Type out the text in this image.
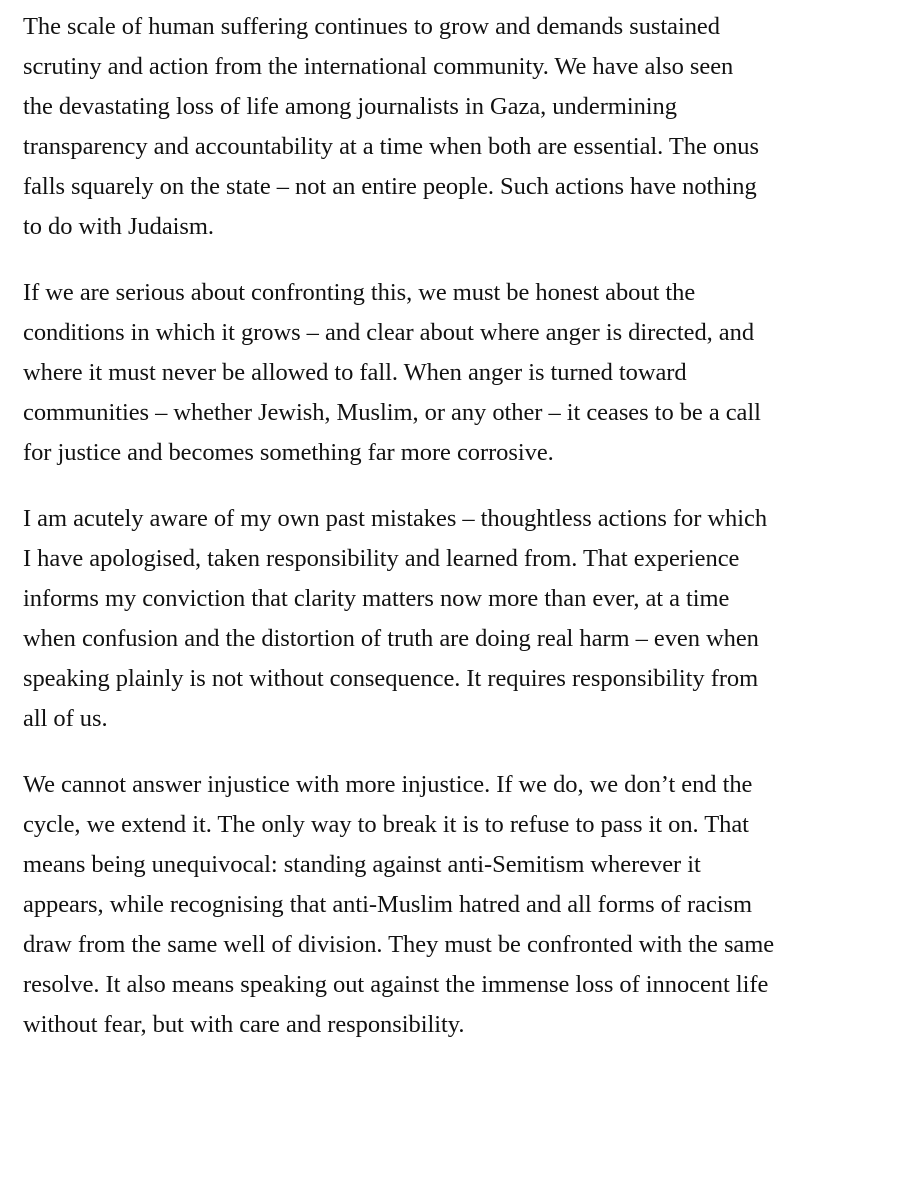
The scale of human suffering continues to grow and demands sustained
scrutiny and action from the international community. We have also seen
the devastating loss of life among journalists in Gaza, undermining
transparency and accountability at a time when both are essential. The onus
falls squarely on the state – not an entire people. Such actions have nothing
to do with Judaism.

If we are serious about confronting this, we must be honest about the
conditions in which it grows – and clear about where anger is directed, and
where it must never be allowed to fall. When anger is turned toward
communities – whether Jewish, Muslim, or any other – it ceases to be a call
for justice and becomes something far more corrosive.

I am acutely aware of my own past mistakes – thoughtless actions for which
I have apologised, taken responsibility and learned from. That experience
informs my conviction that clarity matters now more than ever, at a time
when confusion and the distortion of truth are doing real harm – even when
speaking plainly is not without consequence. It requires responsibility from
all of us.

We cannot answer injustice with more injustice. If we do, we don’t end the
cycle, we extend it. The only way to break it is to refuse to pass it on. That
means being unequivocal: standing against anti-Semitism wherever it
appears, while recognising that anti-Muslim hatred and all forms of racism
draw from the same well of division. They must be confronted with the same
resolve. It also means speaking out against the immense loss of innocent life
without fear, but with care and responsibility.
